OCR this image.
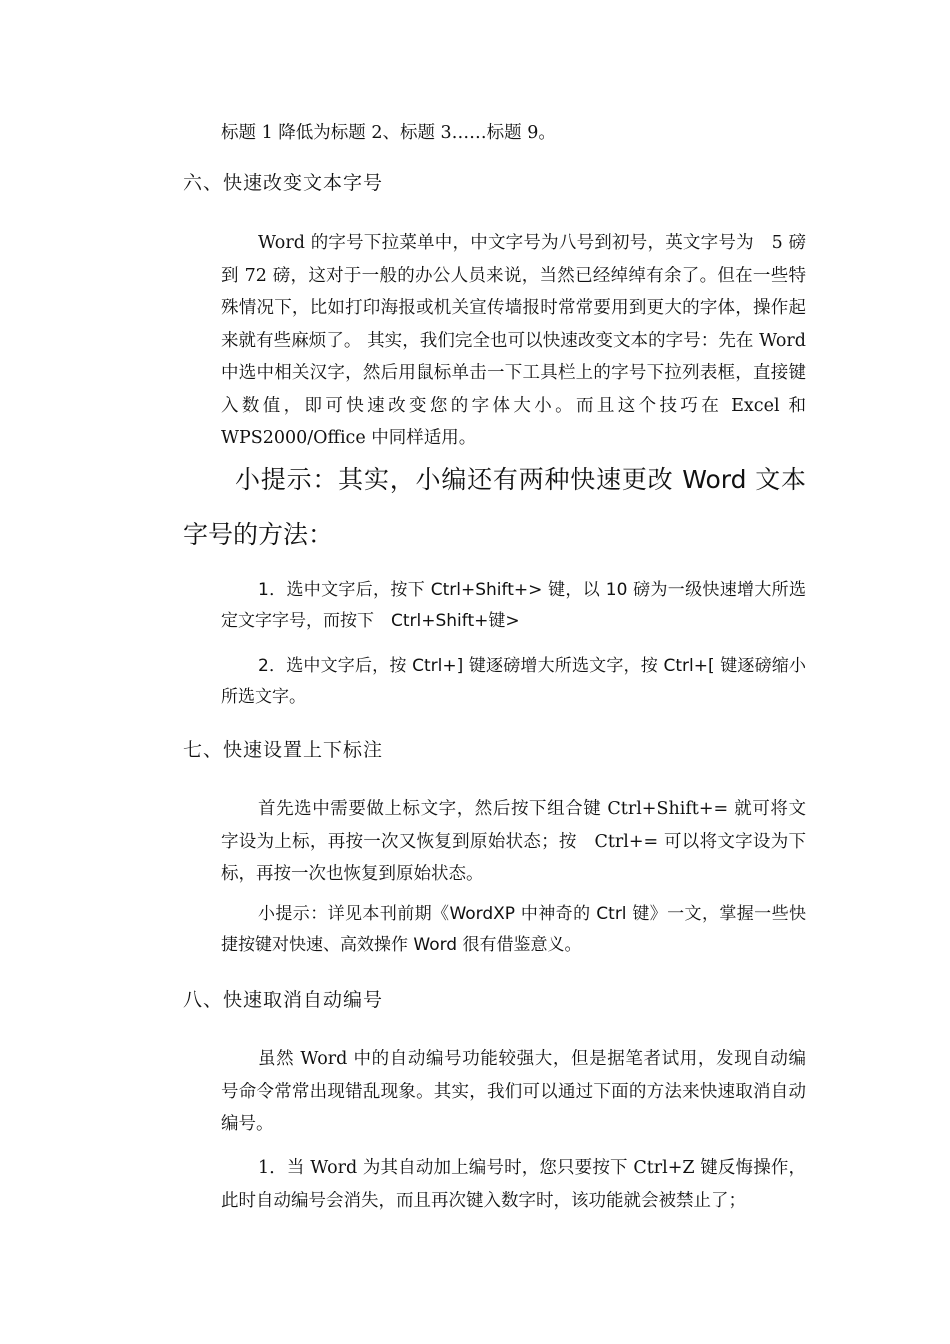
标题 1 降低为标题 2、标题 3……标题 9。

六、快速改变文本字号

Word 的字号下拉菜单中，中文字号为八号到初号，英文字号为　5 磅到 72 磅，这对于一般的办公人员来说，当然已经绰绰有余了。但在一些特殊情况下，比如打印海报或机关宣传墙报时常常要用到更大的字体，操作起来就有些麻烦了。 其实，我们完全也可以快速改变文本的字号：先在 Word 中选中相关汉字，然后用鼠标单击一下工具栏上的字号下拉列表框，直接键入数值，即可快速改变您的字体大小。而且这个技巧在 Excel 和 WPS2000/Office 中同样适用。

小提示：其实，小编还有两种快速更改 Word 文本字号的方法：

1．选中文字后，按下 Ctrl+Shift+> 键，以 10 磅为一级快速增大所选定文字字号，而按下　Ctrl+Shift+键>

2．选中文字后，按 Ctrl+] 键逐磅增大所选文字，按 Ctrl+[ 键逐磅缩小所选文字。

七、快速设置上下标注

首先选中需要做上标文字，然后按下组合键 Ctrl+Shift+= 就可将文字设为上标，再按一次又恢复到原始状态；按　Ctrl+= 可以将文字设为下标，再按一次也恢复到原始状态。

小提示：详见本刊前期《WordXP 中神奇的 Ctrl 键》一文，掌握一些快捷按键对快速、高效操作 Word 很有借鉴意义。

八、快速取消自动编号

虽然 Word 中的自动编号功能较强大，但是据笔者试用，发现自动编号命令常常出现错乱现象。其实，我们可以通过下面的方法来快速取消自动编号。

1．当 Word 为其自动加上编号时，您只要按下 Ctrl+Z 键反悔操作，此时自动编号会消失，而且再次键入数字时，该功能就会被禁止了；
